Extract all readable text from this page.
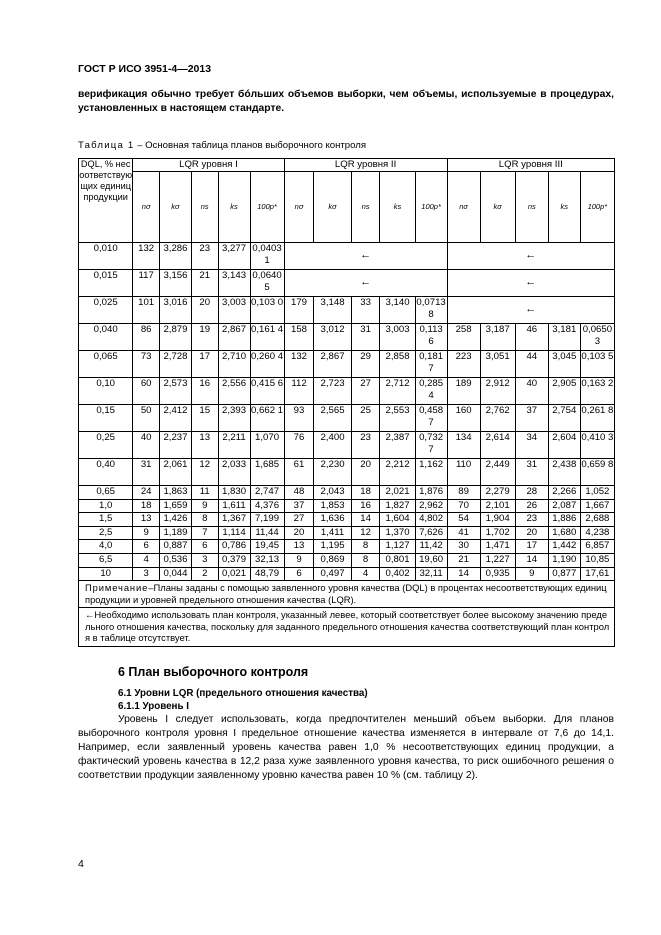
ГОСТ Р ИСО 3951-4—2013
верификация обычно требует бóльших объемов выборки, чем объемы, используемые в процедурах, установленных в настоящем стандарте.
Таблица 1 – Основная таблица планов выборочного контроля
DQL, % несоответствующих единиц продукции	LQR уровня I					LQR уровня II					LQR уровня III				
	nσ	kσ	ns	ks	100p*	nσ	kσ	ns	ks	100p*	nσ	kσ	ns	ks	100p*
0,010	132	3,286	23	3,277	0,0403 1	←					←				
0,015	117	3,156	21	3,143	0,0640 5	←					←				
0,025	101	3,016	20	3,003	0,103 0	179	3,148	33	3,140	0,0713 8	←				
0,040	86	2,879	19	2,867	0,161 4	158	3,012	31	3,003	0,113 6	258	3,187	46	3,181	0,0650 3
0,065	73	2,728	17	2,710	0,260 4	132	2,867	29	2,858	0,181 7	223	3,051	44	3,045	0,103 5
0,10	60	2,573	16	2,556	0,415 6	112	2,723	27	2,712	0,285 4	189	2,912	40	2,905	0,163 2
0,15	50	2,412	15	2,393	0,662 1	93	2,565	25	2,553	0,458 7	160	2,762	37	2,754	0,261 8
0,25	40	2,237	13	2,211	1,070	76	2,400	23	2,387	0,732 7	134	2,614	34	2,604	0,410 3
0,40	31	2,061	12	2,033	1,685	61	2,230	20	2,212	1,162	110	2,449	31	2,438	0,659 8
0,65	24	1,863	11	1,830	2,747	48	2,043	18	2,021	1,876	89	2,279	28	2,266	1,052
1,0	18	1,659	9	1,611	4,376	37	1,853	16	1,827	2,962	70	2,101	26	2,087	1,667
1,5	13	1,426	8	1,367	7,199	27	1,636	14	1,604	4,802	54	1,904	23	1,886	2,688
2,5	9	1,189	7	1,114	11,44	20	1,411	12	1,370	7,626	41	1,702	20	1,680	4,238
4,0	6	0,887	6	0,786	19,45	13	1,195	8	1,127	11,42	30	1,471	17	1,442	6,857
6,5	4	0,536	3	0,379	32,13	9	0,869	8	0,801	19,60	21	1,227	14	1,190	10,85
10	3	0,044	2	0,021	48,79	6	0,497	4	0,402	32,11	14	0,935	9	0,877	17,61
Примечание–Планы заданы с помощью заявленного уровня качества (DQL) в процентах несоответствующих единиц продукции и уровней предельного отношения качества (LQR).															
←Необходимо использовать план контроля, указанный левее, который соответствует более высокому значению предельного отношения качества, поскольку для заданного предельного отношения качества соответствующий план контроля в таблице отсутствует.															
6 План выборочного контроля
6.1 Уровни LQR (предельного отношения качества)
6.1.1 Уровень I
Уровень I следует использовать, когда предпочтителен меньший объем выборки. Для планов выборочного контроля уровня I предельное отношение качества изменяется в интервале от 7,6 до 14,1. Например, если заявленный уровень качества равен 1,0 % несоответствующих единиц продукции, а фактический уровень качества в 12,2 раза хуже заявленного уровня качества, то риск ошибочного решения о соответствии продукции заявленному уровню качества равен 10 % (см. таблицу 2).
4
